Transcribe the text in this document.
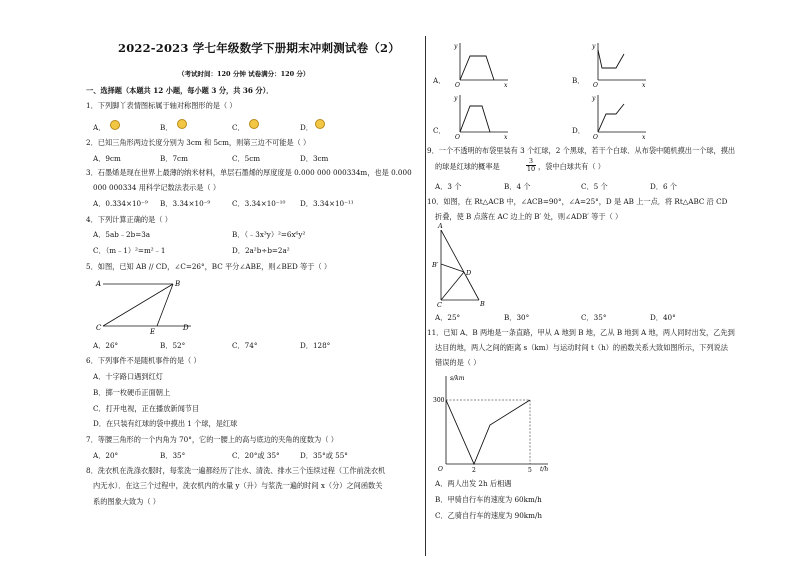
2022-2023 学七年级数学下册期末冲刺测试卷（2）
（考试时间：120 分钟 试卷满分：120 分）
一、选择题（本题共 12 小题，每小题 3 分，共 36 分）．
1．下列脚丫表情图标属于轴对称图形的是（ ）
A．	B．	C．	D．
2．已知三角形两边长度分别为 3cm 和 5cm，则第三边不可能是（ ）
A．9cm	B．7cm	C．5cm	D．3cm
3．石墨烯是现在世界上最薄的纳米材料，单层石墨烯的厚度度是 0.000 000 000334m，也是 0.000
000 000334 用科学记数法表示是（ ）
A．0.334×10⁻⁹ B．3.34×10⁻⁹	C．3.34×10⁻¹⁰ D．3.34×10⁻¹¹
4．下列计算正确的是（ ）
A．5ab﹣2b=3a	B．（﹣3x³y）²=6x⁶y²
C．（m﹣1）²=m²﹣1	D．2a²b÷b=2a²
5．如图，已知 AB // CD，∠C=26°，BC 平分∠ABE，则∠BED 等于（ ）
A	B
C	D
E
A．26°	B．52°	C．74°	D．128°
6．下列事件不是随机事件的是（ ）
A．十字路口遇到红灯
B．掷一枚硬币正面朝上
C．打开电视，正在播放新闻节目
D．在只装有红球的袋中摸出 1 个球，是红球
7．等腰三角形的一个内角为 70°，它的一腰上的高与底边的夹角的度数为（ ）
A．20°	B．35°	C．20°或 35°	D．35°或 55°
8．洗衣机在洗涤衣服时，每浆洗一遍都经历了注水、清洗、排水三个连续过程（工作前洗衣机
内无水）．在这三个过程中，洗衣机内的水量 y（升）与浆洗一遍的时间 x（分）之间函数关
系的图象大致为（ ）
A．
y
O	x
B．
y
O	x
C．
y
O	x
D．
y
O	x
9．一个不透明的布袋里装有 3 个红球，2 个黑球，若干个白球．从布袋中随机摸出一个球，摸出
的球是红球的概率是	$\frac{3}{10}$ ，袋中白球共有（ ）
A．3 个	B．4 个	C．5 个	D．6 个
10．如图，在 Rt△ACB 中，∠ACB=90°，∠A=25°，D 是 AB 上一点．将 Rt△ABC 沿 CD
折叠，使 B 点落在 AC 边上的 B′ 处，则∠ADB′ 等于（ ）
A
B′
D
C	B
A．25°	B．30°	C．35°	D．40°
11．已知 A、B 两地是一条直路，甲从 A 地到 B 地，乙从 B 地到 A 地，两人同时出发，乙先到
达目的地，两人之间的距离 s（km）与运动时间 t（h）的函数关系大致如图所示，下列说法
错误的是（ ）
s/km
t/h
300
2	5
O
A．两人出发 2h 后相遇
B．甲骑自行车的速度为 60km/h
C．乙骑自行车的速度为 90km/h
